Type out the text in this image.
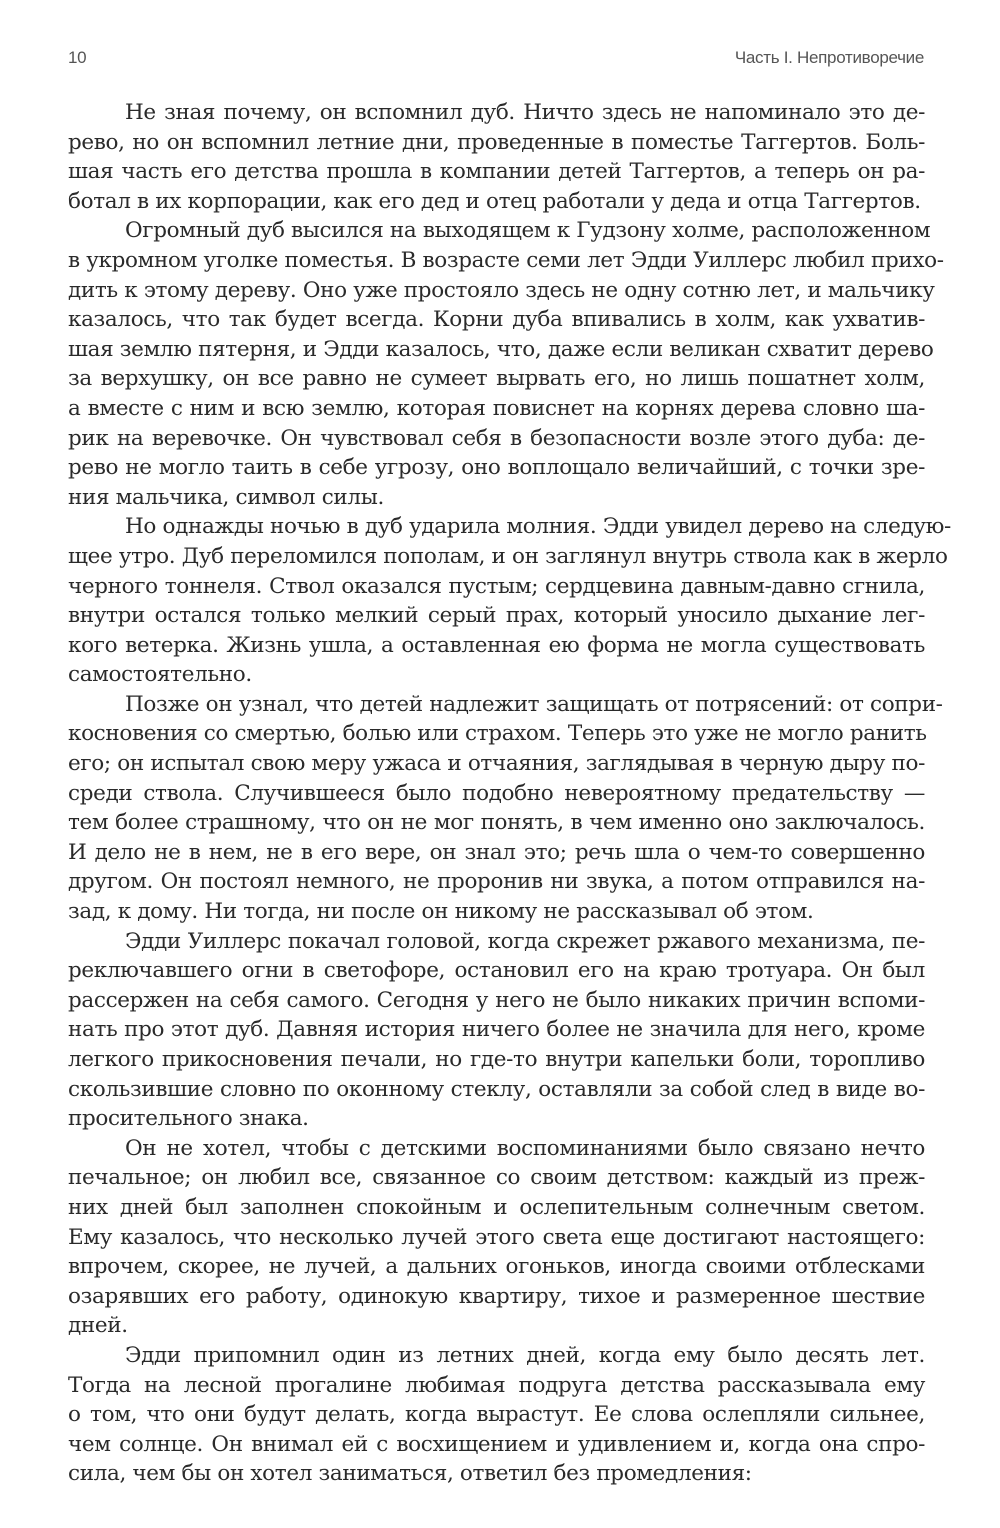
10	Часть I. Непротиворечие
Не зная почему, он вспомнил дуб. Ничто здесь не напоминало это де-
рево, но он вспомнил летние дни, проведенные в поместье Таггертов. Боль-
шая часть его детства прошла в компании детей Таггертов, а теперь он ра-
ботал в их корпорации, как его дед и отец работали у деда и отца Таггертов.
Огромный дуб высился на выходящем к Гудзону холме, расположенном
в укромном уголке поместья. В возрасте семи лет Эдди Уиллерс любил прихо-
дить к этому дереву. Оно уже простояло здесь не одну сотню лет, и мальчику
казалось, что так будет всегда. Корни дуба впивались в холм, как ухватив-
шая землю пятерня, и Эдди казалось, что, даже если великан схватит дерево
за верхушку, он все равно не сумеет вырвать его, но лишь пошатнет холм,
а вместе с ним и всю землю, которая повиснет на корнях дерева словно ша-
рик на веревочке. Он чувствовал себя в безопасности возле этого дуба: де-
рево не могло таить в себе угрозу, оно воплощало величайший, с точки зре-
ния мальчика, символ силы.
Но однажды ночью в дуб ударила молния. Эдди увидел дерево на следую-
щее утро. Дуб переломился пополам, и он заглянул внутрь ствола как в жерло
черного тоннеля. Ствол оказался пустым; сердцевина давным-давно сгнила,
внутри остался только мелкий серый прах, который уносило дыхание лег-
кого ветерка. Жизнь ушла, а оставленная ею форма не могла существовать
самостоятельно.
Позже он узнал, что детей надлежит защищать от потрясений: от сопри-
косновения со смертью, болью или страхом. Теперь это уже не могло ранить
его; он испытал свою меру ужаса и отчаяния, заглядывая в черную дыру по-
среди ствола. Случившееся было подобно невероятному предательству —
тем более страшному, что он не мог понять, в чем именно оно заключалось.
И дело не в нем, не в его вере, он знал это; речь шла о чем-то совершенно
другом. Он постоял немного, не проронив ни звука, а потом отправился на-
зад, к дому. Ни тогда, ни после он никому не рассказывал об этом.
Эдди Уиллерс покачал головой, когда скрежет ржавого механизма, пе-
реключавшего огни в светофоре, остановил его на краю тротуара. Он был
рассержен на себя самого. Сегодня у него не было никаких причин вспоми-
нать про этот дуб. Давняя история ничего более не значила для него, кроме
легкого прикосновения печали, но где-то внутри капельки боли, торопливо
скользившие словно по оконному стеклу, оставляли за собой след в виде во-
просительного знака.
Он не хотел, чтобы с детскими воспоминаниями было связано нечто
печальное; он любил все, связанное со своим детством: каждый из преж-
них дней был заполнен спокойным и ослепительным солнечным светом.
Ему казалось, что несколько лучей этого света еще достигают настоящего:
впрочем, скорее, не лучей, а дальних огоньков, иногда своими отблесками
озарявших его работу, одинокую квартиру, тихое и размеренное шествие
дней.
Эдди припомнил один из летних дней, когда ему было десять лет.
Тогда на лесной прогалине любимая подруга детства рассказывала ему
о том, что они будут делать, когда вырастут. Ее слова ослепляли сильнее,
чем солнце. Он внимал ей с восхищением и удивлением и, когда она спро-
сила, чем бы он хотел заниматься, ответил без промедления:
